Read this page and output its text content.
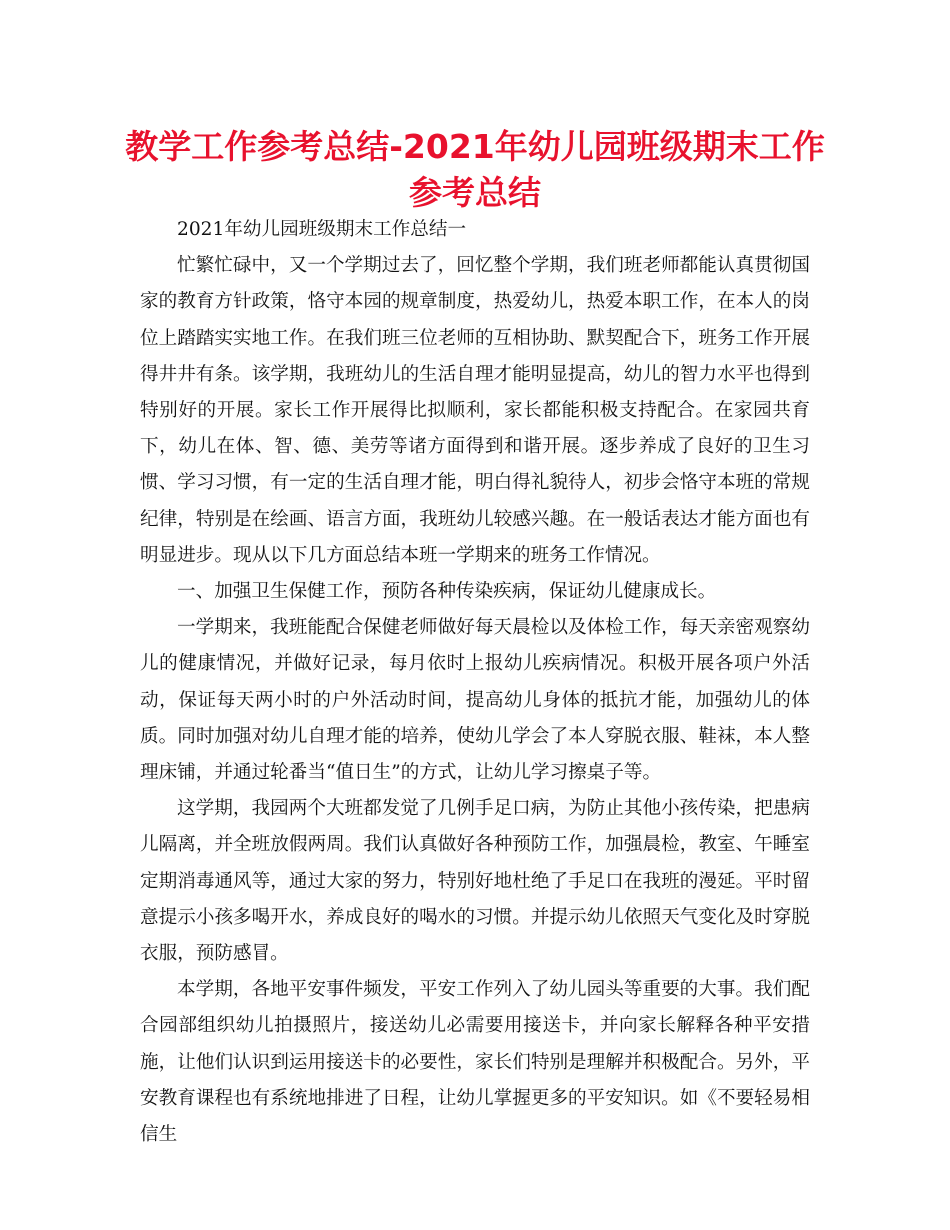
教学工作参考总结-2021年幼儿园班级期末工作
参考总结

2021年幼儿园班级期末工作总结一

忙繁忙碌中，又一个学期过去了，回忆整个学期，我们班老师都能认真贯彻国家的教育方针政策，恪守本园的规章制度，热爱幼儿，热爱本职工作，在本人的岗位上踏踏实实地工作。在我们班三位老师的互相协助、默契配合下，班务工作开展得井井有条。该学期，我班幼儿的生活自理才能明显提高，幼儿的智力水平也得到特别好的开展。家长工作开展得比拟顺利，家长都能积极支持配合。在家园共育下，幼儿在体、智、德、美劳等诸方面得到和谐开展。逐步养成了良好的卫生习惯、学习习惯，有一定的生活自理才能，明白得礼貌待人，初步会恪守本班的常规纪律，特别是在绘画、语言方面，我班幼儿较感兴趣。在一般话表达才能方面也有明显进步。现从以下几方面总结本班一学期来的班务工作情况。

一、加强卫生保健工作，预防各种传染疾病，保证幼儿健康成长。

一学期来，我班能配合保健老师做好每天晨检以及体检工作，每天亲密观察幼儿的健康情况，并做好记录，每月依时上报幼儿疾病情况。积极开展各项户外活动，保证每天两小时的户外活动时间，提高幼儿身体的抵抗才能，加强幼儿的体质。同时加强对幼儿自理才能的培养，使幼儿学会了本人穿脱衣服、鞋袜，本人整理床铺，并通过轮番当“值日生”的方式，让幼儿学习擦桌子等。

这学期，我园两个大班都发觉了几例手足口病，为防止其他小孩传染，把患病儿隔离，并全班放假两周。我们认真做好各种预防工作，加强晨检，教室、午睡室定期消毒通风等，通过大家的努力，特别好地杜绝了手足口在我班的漫延。平时留意提示小孩多喝开水，养成良好的喝水的习惯。并提示幼儿依照天气变化及时穿脱衣服，预防感冒。

本学期，各地平安事件频发，平安工作列入了幼儿园头等重要的大事。我们配合园部组织幼儿拍摄照片，接送幼儿必需要用接送卡，并向家长解释各种平安措施，让他们认识到运用接送卡的必要性，家长们特别是理解并积极配合。另外，平安教育课程也有系统地排进了日程，让幼儿掌握更多的平安知识。如《不要轻易相信生
